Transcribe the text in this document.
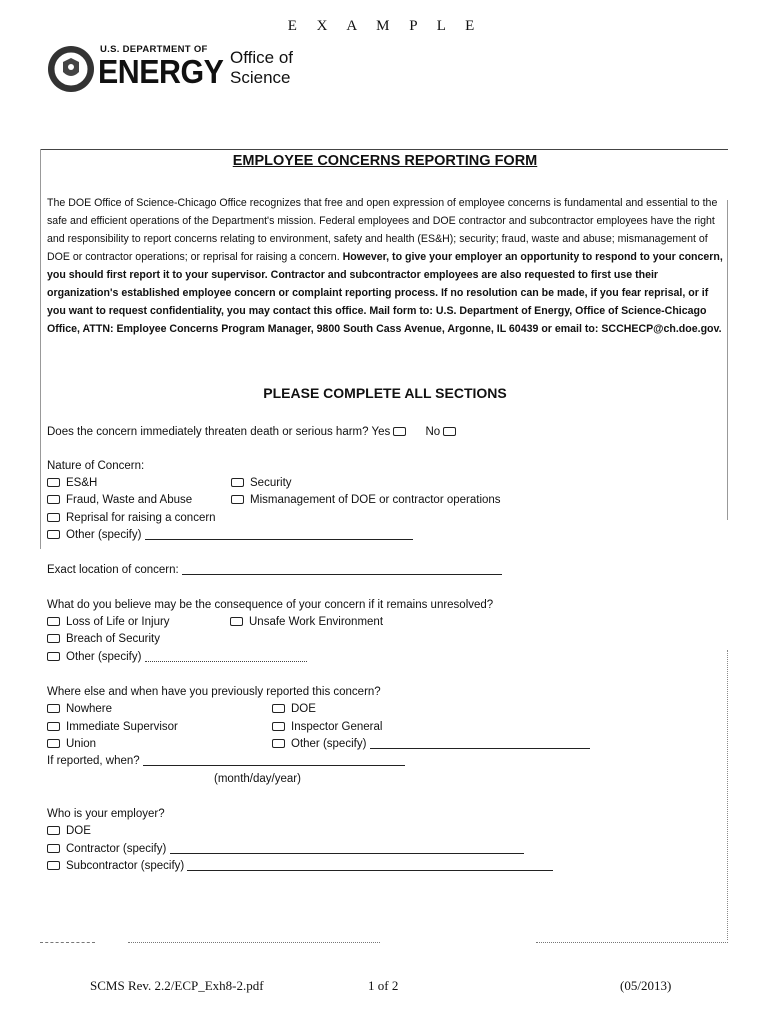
E X A M P L E
U.S. DEPARTMENT OF
ENERGY Office of
Science
EMPLOYEE CONCERNS REPORTING FORM
The DOE Office of Science-Chicago Office recognizes that free and open expression of employee concerns is fundamental and essential to the safe and efficient operations of the Department's mission. Federal employees and DOE contractor and subcontractor employees have the right and responsibility to report concerns relating to environment, safety and health (ES&H); security; fraud, waste and abuse; mismanagement of DOE or contractor operations; or reprisal for raising a concern. However, to give your employer an opportunity to respond to your concern, you should first report it to your supervisor. Contractor and subcontractor employees are also requested to first use their organization's established employee concern or complaint reporting process. If no resolution can be made, if you fear reprisal, or if you want to request confidentiality, you may contact this office. Mail form to: U.S. Department of Energy, Office of Science-Chicago Office, ATTN: Employee Concerns Program Manager, 9800 South Cass Avenue, Argonne, IL 60439 or email to: SCCHECP@ch.doe.gov.
PLEASE COMPLETE ALL SECTIONS
Does the concern immediately threaten death or serious harm? Yes	No
Nature of Concern:
ES&H	Security
Fraud, Waste and Abuse	Mismanagement of DOE or contractor operations
Reprisal for raising a concern
Other (specify)
Exact location of concern:
What do you believe may be the consequence of your concern if it remains unresolved?
Loss of Life or Injury	Unsafe Work Environment
Breach of Security
Other (specify)
Where else and when have you previously reported this concern?
Nowhere	DOE
Immediate Supervisor	Inspector General
Union	Other (specify)
If reported, when?
(month/day/year)
Who is your employer?
DOE
Contractor (specify)
Subcontractor (specify)
SCMS Rev. 2.2/ECP_Exh8-2.pdf	1 of 2	(05/2013)
